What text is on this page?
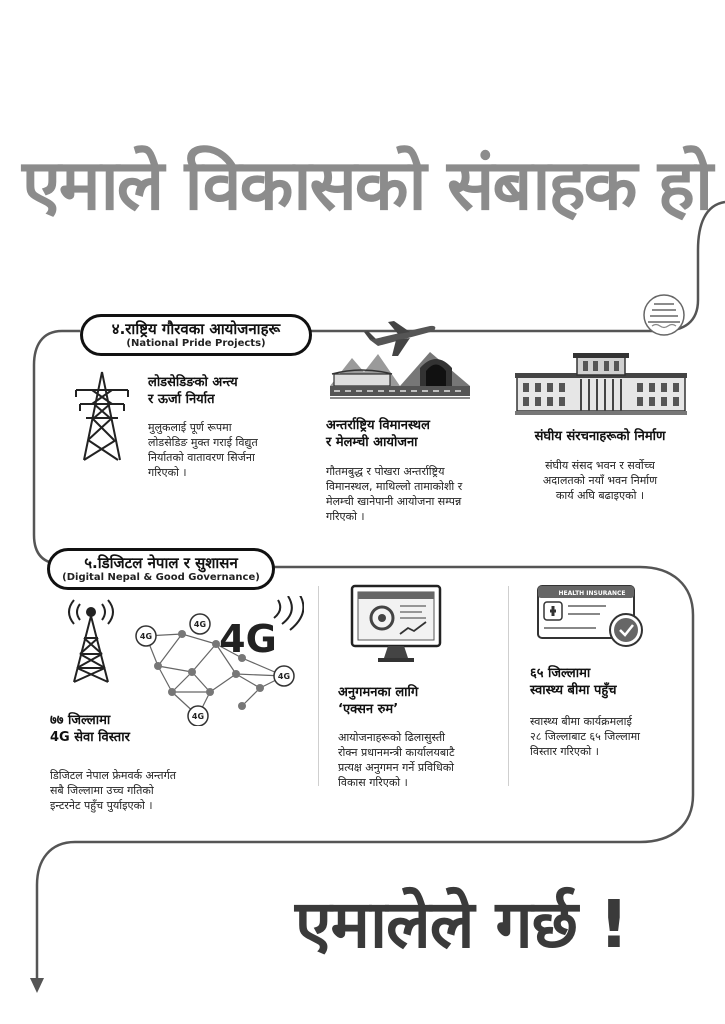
एमाले विकासको संबाहक हो
४.राष्ट्रिय गौरवका आयोजनाहरू
(National Pride Projects)
लोडसेडिङको अन्त्य
र ऊर्जा निर्यात
मुलुकलाई पूर्ण रूपमा
लोडसेडिङ मुक्त गराई विद्युत
निर्यातको वातावरण सिर्जना
गरिएको ।
अन्तर्राष्ट्रिय विमानस्थल
र मेलम्ची आयोजना
गौतमबुद्ध र पोखरा अन्तर्राष्ट्रिय
विमानस्थल, माथिल्लो तामाकोशी र
मेलम्ची खानेपानी आयोजना सम्पन्न
गरिएको ।
संघीय संरचनाहरूको निर्माण
संघीय संसद भवन र सर्वोच्च
अदालतको नयाँ भवन निर्माण
कार्य अघि बढाइएको ।
५.डिजिटल नेपाल र सुशासन
(Digital Nepal & Good Governance)
4G
4G
4G
4G
4G
७७ जिल्लामा
4G सेवा विस्तार
डिजिटल नेपाल फ्रेमवर्क अन्तर्गत
सबै जिल्लामा उच्च गतिको
इन्टरनेट पहुँच पुर्याइएको ।
अनुगमनका लागि
‘एक्सन रुम’
आयोजनाहरूको ढिलासुस्ती
रोक्न प्रधानमन्त्री कार्यालयबाटै
प्रत्यक्ष अनुगमन गर्ने प्रविधिको
विकास गरिएको ।
HEALTH INSURANCE
६५ जिल्लामा
स्वास्थ्य बीमा पहुँच
स्वास्थ्य बीमा कार्यक्रमलाई
२८ जिल्लाबाट ६५ जिल्लामा
विस्तार गरिएको ।
एमालेले गर्छ !
